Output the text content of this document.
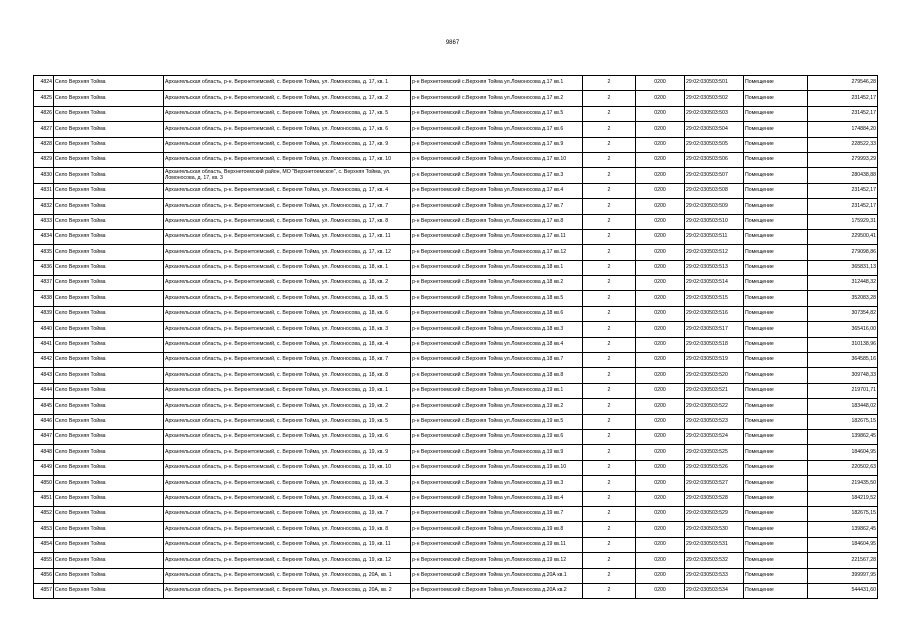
9867
4824	Село Верхняя Тойма	Архангельская область, р-н. Верхнетоемский, с. Верхняя Тойма, ул. Ломоносова, д. 17, кв. 1	р-н Верхнетоемский с.Верхняя Тойма ул.Ломоносова д.17 кв.1	2	0200	29:02:030503:501	Помещение	279546,28
4825	Село Верхняя Тойма	Архангельская область, р-н. Верхнетоемский, с. Верхняя Тойма, ул. Ломоносова, д. 17, кв. 2	р-н Верхнетоемский с.Верхняя Тойма ул.Ломоносова д.17 кв.2	2	0200	29:02:030503:502	Помещение	231452,17
4826	Село Верхняя Тойма	Архангельская область, р-н. Верхнетоемский, с. Верхняя Тойма, ул. Ломоносова, д. 17, кв. 5	р-н Верхнетоемский с.Верхняя Тойма ул.Ломоносова д.17 кв.5	2	0200	29:02:030503:503	Помещение	231452,17
4827	Село Верхняя Тойма	Архангельская область, р-н. Верхнетоемский, с. Верхняя Тойма, ул. Ломоносова, д. 17, кв. 6	р-н Верхнетоемский с.Верхняя Тойма ул.Ломоносова д.17 кв.6	2	0200	29:02:030503:504	Помещение	174884,20
4828	Село Верхняя Тойма	Архангельская область, р-н. Верхнетоемский, с. Верхняя Тойма, ул. Ломоносова, д. 17, кв. 9	р-н Верхнетоемский с.Верхняя Тойма ул.Ломоносова д.17 кв.9	2	0200	29:02:030503:505	Помещение	228522,33
4829	Село Верхняя Тойма	Архангельская область, р-н. Верхнетоемский, с. Верхняя Тойма, ул. Ломоносова, д. 17, кв. 10	р-н Верхнетоемский с.Верхняя Тойма ул.Ломоносова д.17 кв.10	2	0200	29:02:030503:506	Помещение	279993,29
4830	Село Верхняя Тойма	Архангельская область, Верхнетоемский район, МО "Верхнетоемское", с. Верхняя Тойма, ул. Ломоносова, д. 17, кв. 3	р-н Верхнетоемский с.Верхняя Тойма ул.Ломоносова д.17 кв.3	2	0200	29:02:030503:507	Помещение	280438,88
4831	Село Верхняя Тойма	Архангельская область, р-н. Верхнетоемский, с. Верхняя Тойма, ул. Ломоносова, д. 17, кв. 4	р-н Верхнетоемский с.Верхняя Тойма ул.Ломоносова д.17 кв.4	2	0200	29:02:030503:508	Помещение	231452,17
4832	Село Верхняя Тойма	Архангельская область, р-н. Верхнетоемский, с. Верхняя Тойма, ул. Ломоносова, д. 17, кв. 7	р-н Верхнетоемский с.Верхняя Тойма ул.Ломоносова д.17 кв.7	2	0200	29:02:030503:509	Помещение	231452,17
4833	Село Верхняя Тойма	Архангельская область, р-н. Верхнетоемский, с. Верхняя Тойма, ул. Ломоносова, д. 17, кв. 8	р-н Верхнетоемский с.Верхняя Тойма ул.Ломоносова д.17 кв.8	2	0200	29:02:030503:510	Помещение	175929,31
4834	Село Верхняя Тойма	Архангельская область, р-н. Верхнетоемский, с. Верхняя Тойма, ул. Ломоносова, д. 17, кв. 11	р-н Верхнетоемский с.Верхняя Тойма ул.Ломоносова д.17 кв.11	2	0200	29:02:030503:511	Помещение	229500,41
4835	Село Верхняя Тойма	Архангельская область, р-н. Верхнетоемский, с. Верхняя Тойма, ул. Ломоносова, д. 17, кв. 12	р-н Верхнетоемский с.Верхняя Тойма ул.Ломоносова д.17 кв.12	2	0200	29:02:030503:512	Помещение	279098,86
4836	Село Верхняя Тойма	Архангельская область, р-н. Верхнетоемский, с. Верхняя Тойма, ул. Ломоносова, д. 18, кв. 1	р-н Верхнетоемский с.Верхняя Тойма ул.Ломоносова д.18 кв.1	2	0200	29:02:030503:513	Помещение	365831,13
4837	Село Верхняя Тойма	Архангельская область, р-н. Верхнетоемский, с. Верхняя Тойма, ул. Ломоносова, д. 18, кв. 2	р-н Верхнетоемский с.Верхняя Тойма ул.Ломоносова д.18 кв.2	2	0200	29:02:030503:514	Помещение	312448,32
4838	Село Верхняя Тойма	Архангельская область, р-н. Верхнетоемский, с. Верхняя Тойма, ул. Ломоносова, д. 18, кв. 5	р-н Верхнетоемский с.Верхняя Тойма ул.Ломоносова д.18 кв.5	2	0200	29:02:030503:515	Помещение	352083,28
4839	Село Верхняя Тойма	Архангельская область, р-н. Верхнетоемский, с. Верхняя Тойма, ул. Ломоносова, д. 18, кв. 6	р-н Верхнетоемский с.Верхняя Тойма ул.Ломоносова д.18 кв.6	2	0200	29:02:030503:516	Помещение	307354,82
4840	Село Верхняя Тойма	Архангельская область, р-н. Верхнетоемский, с. Верхняя Тойма, ул. Ломоносова, д. 18, кв. 3	р-н Верхнетоемский с.Верхняя Тойма ул.Ломоносова д.18 кв.3	2	0200	29:02:030503:517	Помещение	365416,00
4841	Село Верхняя Тойма	Архангельская область, р-н. Верхнетоемский, с. Верхняя Тойма, ул. Ломоносова, д. 18, кв. 4	р-н Верхнетоемский с.Верхняя Тойма ул.Ломоносова д.18 кв.4	2	0200	29:02:030503:518	Помещение	310138,96
4842	Село Верхняя Тойма	Архангельская область, р-н. Верхнетоемский, с. Верхняя Тойма, ул. Ломоносова, д. 18, кв. 7	р-н Верхнетоемский с.Верхняя Тойма ул.Ломоносова д.18 кв.7	2	0200	29:02:030503:519	Помещение	364585,16
4843	Село Верхняя Тойма	Архангельская область, р-н. Верхнетоемский, с. Верхняя Тойма, ул. Ломоносова, д. 18, кв. 8	р-н Верхнетоемский с.Верхняя Тойма ул.Ломоносова д.18 кв.8	2	0200	29:02:030503:520	Помещение	309748,33
4844	Село Верхняя Тойма	Архангельская область, р-н. Верхнетоемский, с. Верхняя Тойма, ул. Ломоносова, д. 19, кв. 1	р-н Верхнетоемский с.Верхняя Тойма ул.Ломоносова д.19 кв.1	2	0200	29:02:030503:521	Помещение	219701,71
4845	Село Верхняя Тойма	Архангельская область, р-н. Верхнетоемский, с. Верхняя Тойма, ул. Ломоносова, д. 19, кв. 2	р-н Верхнетоемский с.Верхняя Тойма ул.Ломоносова д.19 кв.2	2	0200	29:02:030503:522	Помещение	183448,02
4846	Село Верхняя Тойма	Архангельская область, р-н. Верхнетоемский, с. Верхняя Тойма, ул. Ломоносова, д. 19, кв. 5	р-н Верхнетоемский с.Верхняя Тойма ул.Ломоносова д.19 кв.5	2	0200	29:02:030503:523	Помещение	182675,15
4847	Село Верхняя Тойма	Архангельская область, р-н. Верхнетоемский, с. Верхняя Тойма, ул. Ломоносова, д. 19, кв. 6	р-н Верхнетоемский с.Верхняя Тойма ул.Ломоносова д.19 кв.6	2	0200	29:02:030503:524	Помещение	139862,45
4848	Село Верхняя Тойма	Архангельская область, р-н. Верхнетоемский, с. Верхняя Тойма, ул. Ломоносова, д. 19, кв. 9	р-н Верхнетоемский с.Верхняя Тойма ул.Ломоносова д.19 кв.9	2	0200	29:02:030503:525	Помещение	184604,95
4849	Село Верхняя Тойма	Архангельская область, р-н. Верхнетоемский, с. Верхняя Тойма, ул. Ломоносова, д. 19, кв. 10	р-н Верхнетоемский с.Верхняя Тойма ул.Ломоносова д.19 кв.10	2	0200	29:02:030503:526	Помещение	220502,63
4850	Село Верхняя Тойма	Архангельская область, р-н. Верхнетоемский, с. Верхняя Тойма, ул. Ломоносова, д. 19, кв. 3	р-н Верхнетоемский с.Верхняя Тойма ул.Ломоносова д.19 кв.3	2	0200	29:02:030503:527	Помещение	219435,50
4851	Село Верхняя Тойма	Архангельская область, р-н. Верхнетоемский, с. Верхняя Тойма, ул. Ломоносова, д. 19, кв. 4	р-н Верхнетоемский с.Верхняя Тойма ул.Ломоносова д.19 кв.4	2	0200	29:02:030503:528	Помещение	184219,52
4852	Село Верхняя Тойма	Архангельская область, р-н. Верхнетоемский, с. Верхняя Тойма, ул. Ломоносова, д. 19, кв. 7	р-н Верхнетоемский с.Верхняя Тойма ул.Ломоносова д.19 кв.7	2	0200	29:02:030503:529	Помещение	182675,15
4853	Село Верхняя Тойма	Архангельская область, р-н. Верхнетоемский, с. Верхняя Тойма, ул. Ломоносова, д. 19, кв. 8	р-н Верхнетоемский с.Верхняя Тойма ул.Ломоносова д.19 кв.8	2	0200	29:02:030503:530	Помещение	139862,45
4854	Село Верхняя Тойма	Архангельская область, р-н. Верхнетоемский, с. Верхняя Тойма, ул. Ломоносова, д. 19, кв. 11	р-н Верхнетоемский с.Верхняя Тойма ул.Ломоносова д.19 кв.11	2	0200	29:02:030503:531	Помещение	184604,95
4855	Село Верхняя Тойма	Архангельская область, р-н. Верхнетоемский, с. Верхняя Тойма, ул. Ломоносова, д. 19, кв. 12	р-н Верхнетоемский с.Верхняя Тойма ул.Ломоносова д.19 кв.12	2	0200	29:02:030503:532	Помещение	221567,28
4856	Село Верхняя Тойма	Архангельская область, р-н. Верхнетоемский, с. Верхняя Тойма, ул. Ломоносова, д. 20А, кв. 1	р-н Верхнетоемский с.Верхняя Тойма ул.Ломоносова д.20А кв.1	2	0200	29:02:030503:533	Помещение	399997,95
4857	Село Верхняя Тойма	Архангельская область, р-н. Верхнетоемский, с. Верхняя Тойма, ул. Ломоносова, д. 20А, кв. 2	р-н Верхнетоемский с.Верхняя Тойма ул.Ломоносова д.20А кв.2	2	0200	29:02:030503:534	Помещение	544431,60
